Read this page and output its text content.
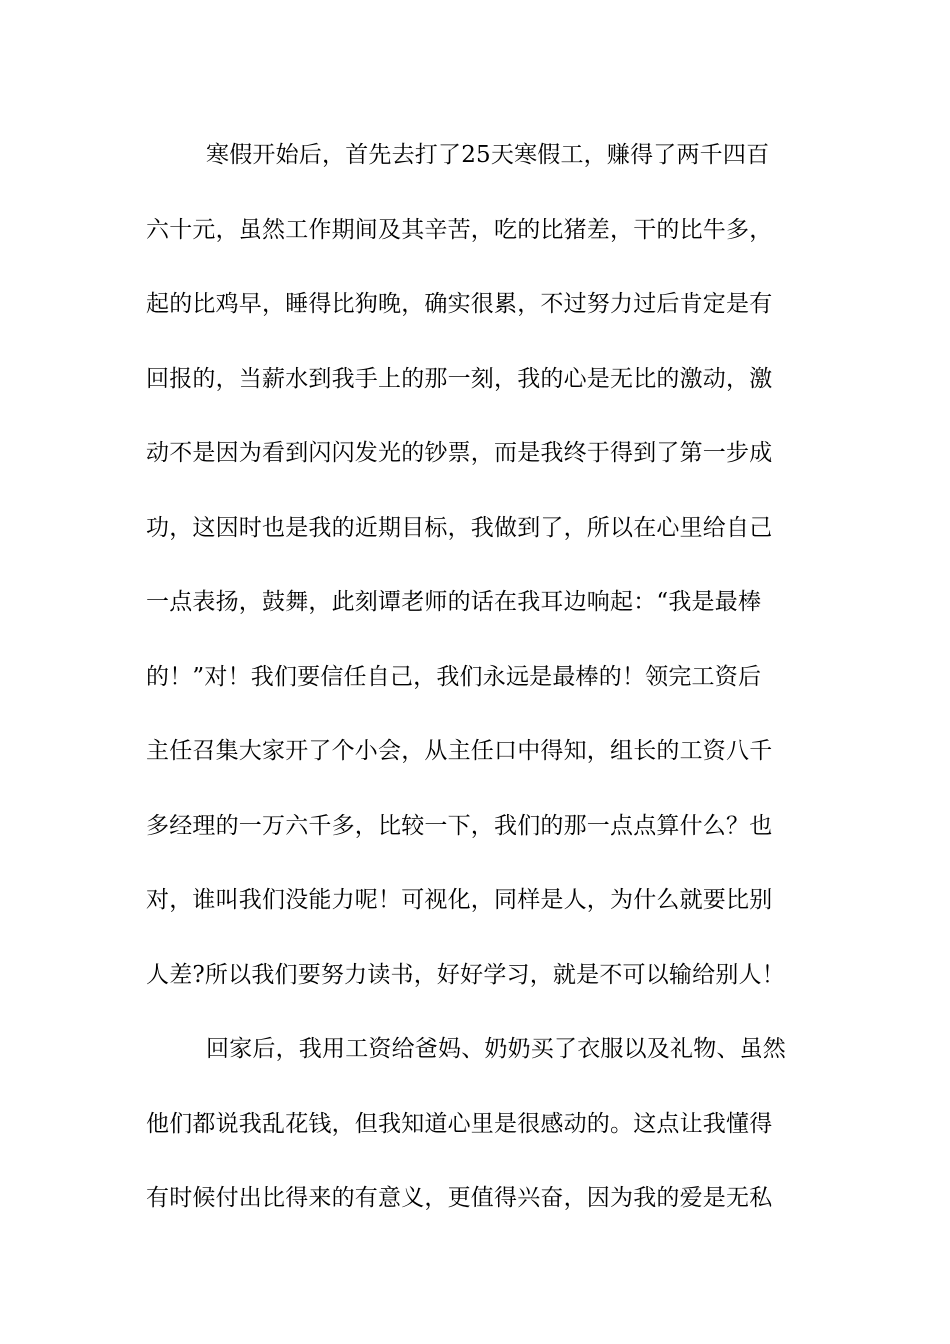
寒假开始后，首先去打了25天寒假工，赚得了两千四百
六十元，虽然工作期间及其辛苦，吃的比猪差，干的比牛多，
起的比鸡早，睡得比狗晚，确实很累，不过努力过后肯定是有
回报的，当薪水到我手上的那一刻，我的心是无比的激动，激
动不是因为看到闪闪发光的钞票，而是我终于得到了第一步成
功，这因时也是我的近期目标，我做到了，所以在心里给自己
一点表扬，鼓舞，此刻谭老师的话在我耳边响起：“我是最棒
的！”对！我们要信任自己，我们永远是最棒的！领完工资后
主任召集大家开了个小会，从主任口中得知，组长的工资八千
多经理的一万六千多，比较一下，我们的那一点点算什么？也
对，谁叫我们没能力呢！可视化，同样是人，为什么就要比别
人差?所以我们要努力读书，好好学习，就是不可以输给别人！
回家后，我用工资给爸妈、奶奶买了衣服以及礼物、虽然
他们都说我乱花钱，但我知道心里是很感动的。这点让我懂得
有时候付出比得来的有意义，更值得兴奋，因为我的爱是无私
